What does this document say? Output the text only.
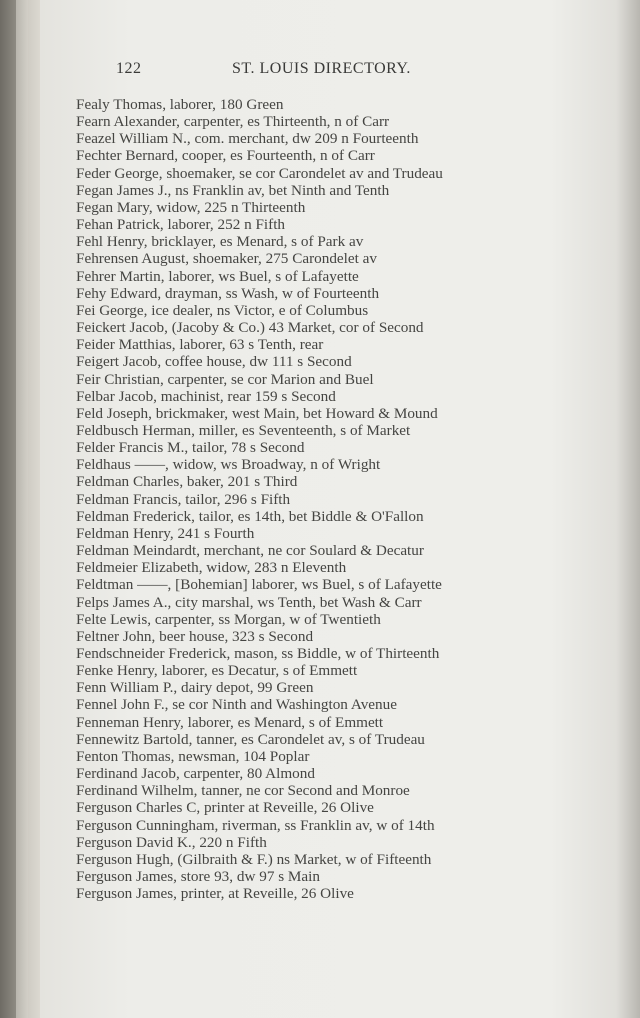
122	ST. LOUIS DIRECTORY.
Fealy Thomas, laborer, 180 Green
Fearn Alexander, carpenter, es Thirteenth, n of Carr
Feazel William N., com. merchant, dw 209 n Fourteenth
Fechter Bernard, cooper, es Fourteenth, n of Carr
Feder George, shoemaker, se cor Carondelet av and Trudeau
Fegan James J., ns Franklin av, bet Ninth and Tenth
Fegan Mary, widow, 225 n Thirteenth
Fehan Patrick, laborer, 252 n Fifth
Fehl Henry, bricklayer, es Menard, s of Park av
Fehrensen August, shoemaker, 275 Carondelet av
Fehrer Martin, laborer, ws Buel, s of Lafayette
Fehy Edward, drayman, ss Wash, w of Fourteenth
Fei George, ice dealer, ns Victor, e of Columbus
Feickert Jacob, (Jacoby & Co.) 43 Market, cor of Second
Feider Matthias, laborer, 63 s Tenth, rear
Feigert Jacob, coffee house, dw 111 s Second
Feir Christian, carpenter, se cor Marion and Buel
Felbar Jacob, machinist, rear 159 s Second
Feld Joseph, brickmaker, west Main, bet Howard & Mound
Feldbusch Herman, miller, es Seventeenth, s of Market
Felder Francis M., tailor, 78 s Second
Feldhaus ——, widow, ws Broadway, n of Wright
Feldman Charles, baker, 201 s Third
Feldman Francis, tailor, 296 s Fifth
Feldman Frederick, tailor, es 14th, bet Biddle & O'Fallon
Feldman Henry, 241 s Fourth
Feldman Meindardt, merchant, ne cor Soulard & Decatur
Feldmeier Elizabeth, widow, 283 n Eleventh
Feldtman ——, [Bohemian] laborer, ws Buel, s of Lafayette
Felps James A., city marshal, ws Tenth, bet Wash & Carr
Felte Lewis, carpenter, ss Morgan, w of Twentieth
Feltner John, beer house, 323 s Second
Fendschneider Frederick, mason, ss Biddle, w of Thirteenth
Fenke Henry, laborer, es Decatur, s of Emmett
Fenn William P., dairy depot, 99 Green
Fennel John F., se cor Ninth and Washington Avenue
Fenneman Henry, laborer, es Menard, s of Emmett
Fennewitz Bartold, tanner, es Carondelet av, s of Trudeau
Fenton Thomas, newsman, 104 Poplar
Ferdinand Jacob, carpenter, 80 Almond
Ferdinand Wilhelm, tanner, ne cor Second and Monroe
Ferguson Charles C, printer at Reveille, 26 Olive
Ferguson Cunningham, riverman, ss Franklin av, w of 14th
Ferguson David K., 220 n Fifth
Ferguson Hugh, (Gilbraith & F.) ns Market, w of Fifteenth
Ferguson James, store 93, dw 97 s Main
Ferguson James, printer, at Reveille, 26 Olive
